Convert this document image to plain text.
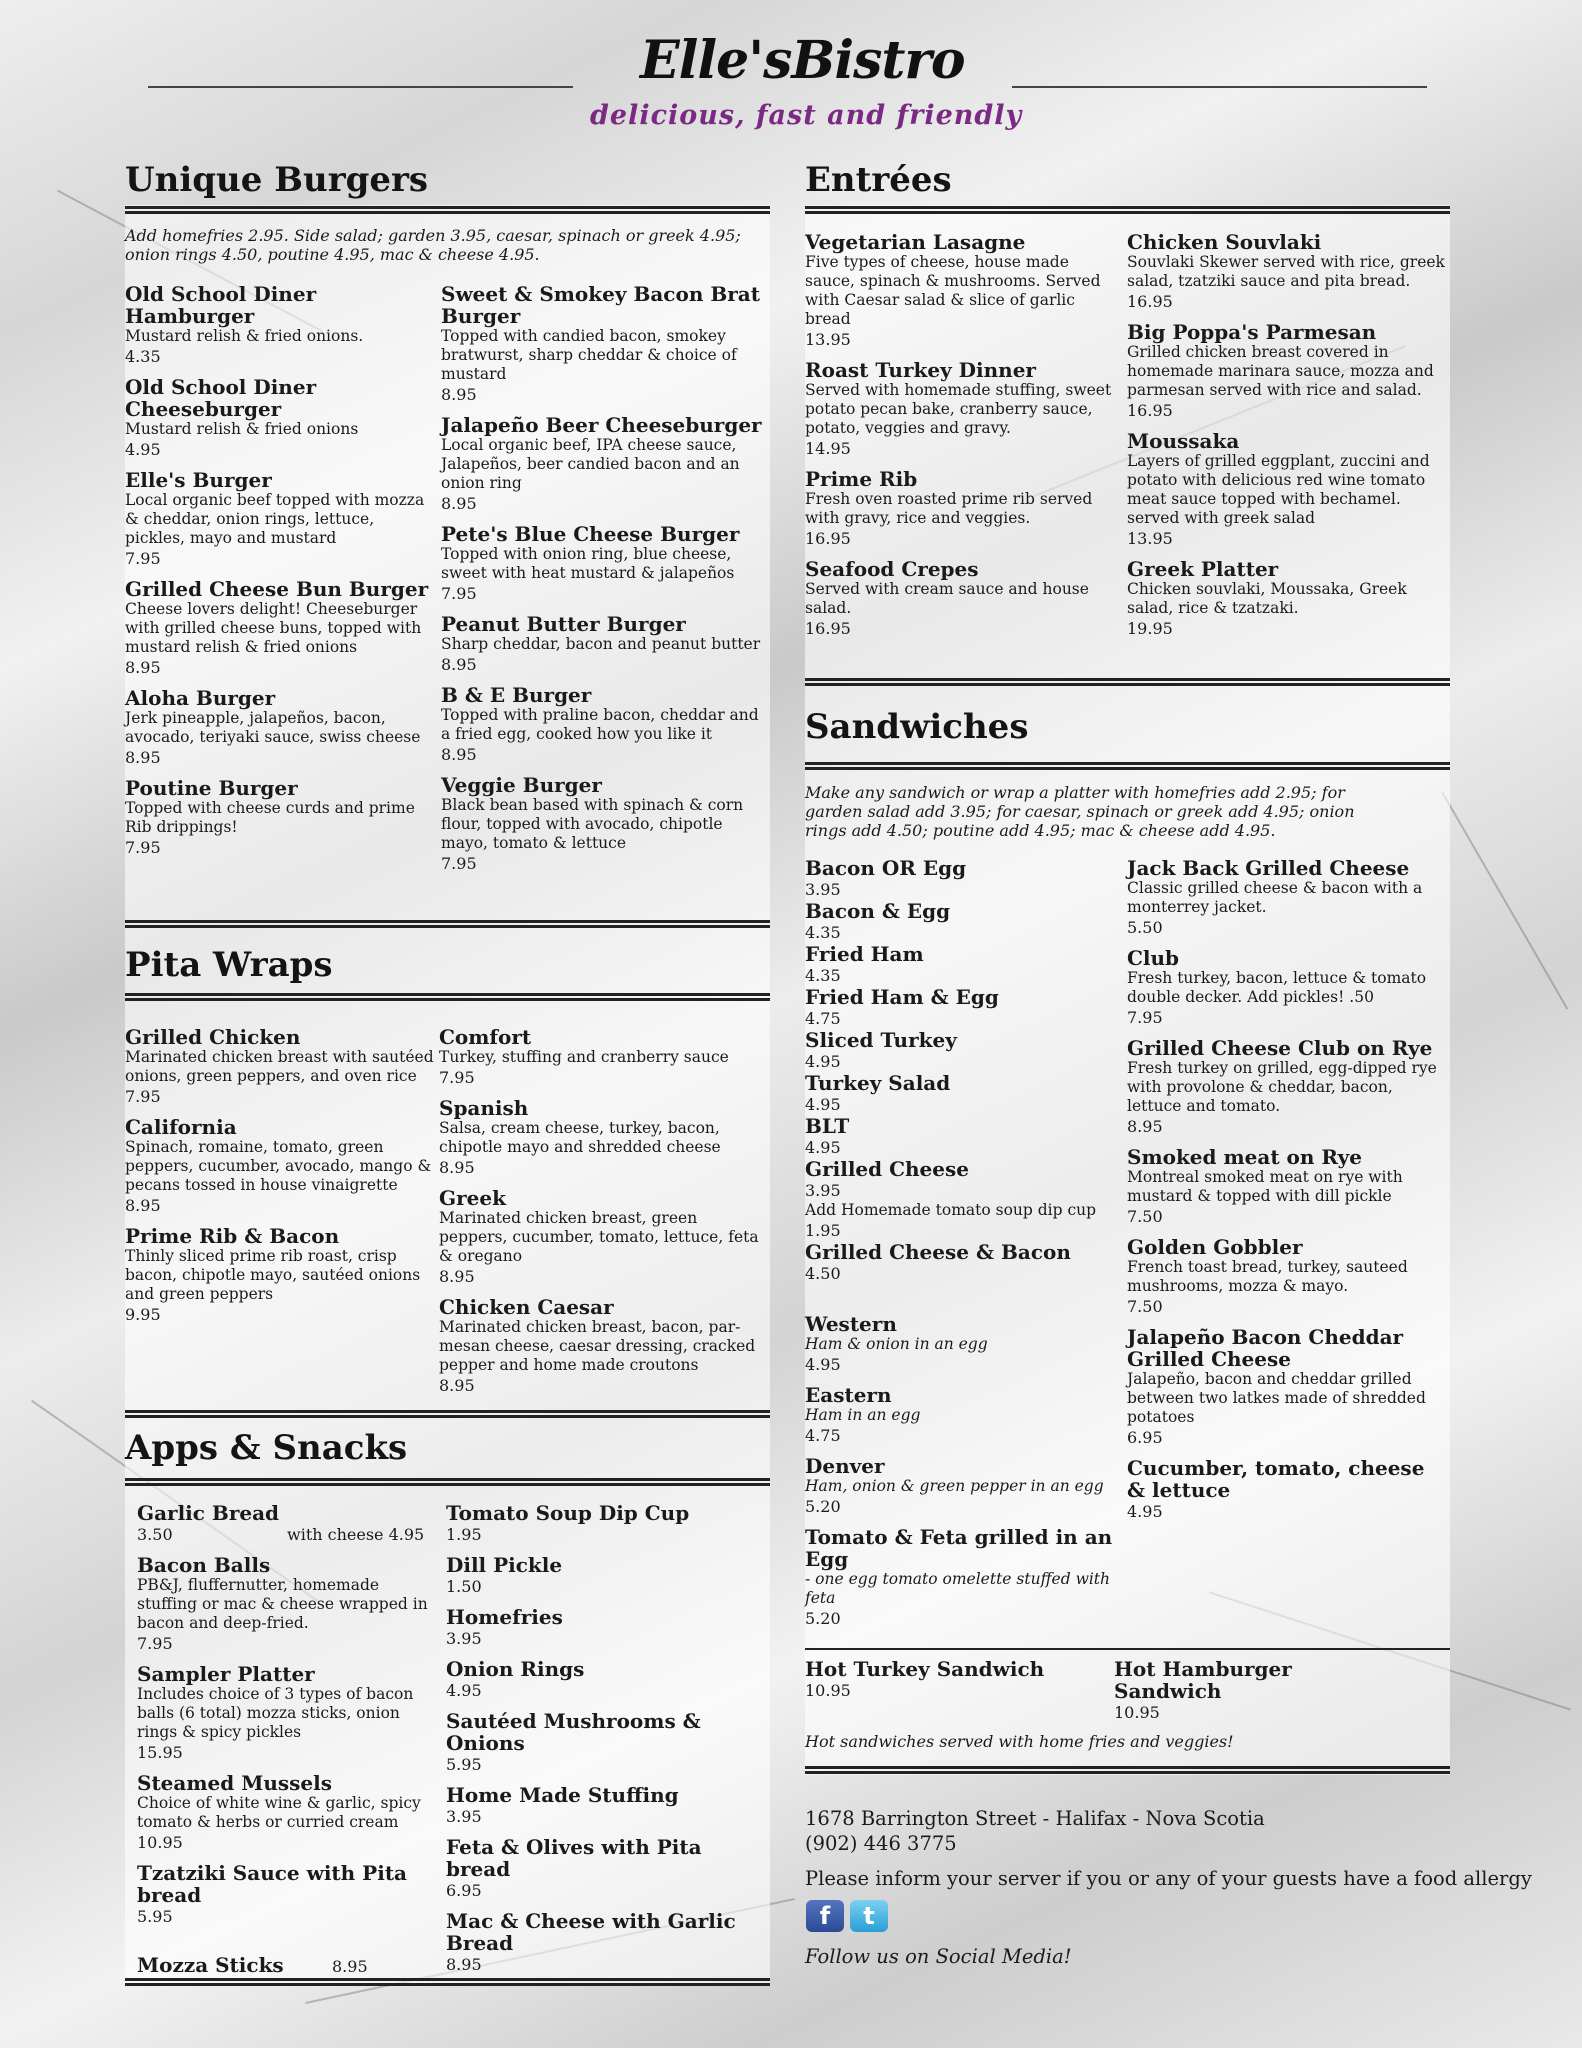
Elle'sBistro
delicious, fast and friendly
Unique Burgers
Add homefries 2.95. Side salad; garden 3.95, caesar, spinach or greek 4.95; onion rings 4.50, poutine 4.95, mac & cheese 4.95.
Old School Diner Hamburger
Mustard relish & fried onions.
4.35
Old School Diner Cheeseburger
Mustard relish & fried onions
4.95
Elle's Burger
Local organic beef topped with mozza & cheddar, onion rings, lettuce, pickles, mayo and mustard
7.95
Grilled Cheese Bun Burger
Cheese lovers delight! Cheeseburger with grilled cheese buns, topped with mustard relish & fried onions
8.95
Aloha Burger
Jerk pineapple, jalapeños, bacon, avocado, teriyaki sauce, swiss cheese
8.95
Poutine Burger
Topped with cheese curds and prime Rib drippings!
7.95
Sweet & Smokey Bacon Brat Burger
Topped with candied bacon, smokey bratwurst, sharp cheddar & choice of mustard
8.95
Jalapeño Beer Cheeseburger
Local organic beef, IPA cheese sauce, Jalapeños, beer candied bacon and an onion ring
8.95
Pete's Blue Cheese Burger
Topped with onion ring, blue cheese, sweet with heat mustard & jalapeños
7.95
Peanut Butter Burger
Sharp cheddar, bacon and peanut butter
8.95
B & E Burger
Topped with praline bacon, cheddar and a fried egg, cooked how you like it
8.95
Veggie Burger
Black bean based with spinach & corn flour, topped with avocado, chipotle mayo, tomato & lettuce
7.95
Pita Wraps
Grilled Chicken
Marinated chicken breast with sautéed onions, green peppers, and oven rice
7.95
California
Spinach, romaine, tomato, green peppers, cucumber, avocado, mango & pecans tossed in house vinaigrette
8.95
Prime Rib & Bacon
Thinly sliced prime rib roast, crisp bacon, chipotle mayo, sautéed onions and green peppers
9.95
Comfort
Turkey, stuffing and cranberry sauce
7.95
Spanish
Salsa, cream cheese, turkey, bacon, chipotle mayo and shredded cheese
8.95
Greek
Marinated chicken breast, green peppers, cucumber, tomato, lettuce, feta & oregano
8.95
Chicken Caesar
Marinated chicken breast, bacon, par-mesan cheese, caesar dressing, cracked pepper and home made croutons
8.95
Apps & Snacks
Garlic Bread
3.50	with cheese 4.95
Bacon Balls
PB&J, fluffernutter, homemade stuffing or mac & cheese wrapped in bacon and deep-fried.
7.95
Sampler Platter
Includes choice of 3 types of bacon balls (6 total) mozza sticks, onion rings & spicy pickles
15.95
Steamed Mussels
Choice of white wine & garlic, spicy tomato & herbs or curried cream
10.95
Tzatziki Sauce with Pita bread
5.95
Mozza Sticks	8.95
Tomato Soup Dip Cup
1.95
Dill Pickle
1.50
Homefries
3.95
Onion Rings
4.95
Sautéed Mushrooms & Onions
5.95
Home Made Stuffing
3.95
Feta & Olives with Pita bread
6.95
Mac & Cheese with Garlic Bread
8.95
Entrées
Vegetarian Lasagne
Five types of cheese, house made sauce, spinach & mushrooms. Served with Caesar salad & slice of garlic bread
13.95
Roast Turkey Dinner
Served with homemade stuffing, sweet potato pecan bake, cranberry sauce, potato, veggies and gravy.
14.95
Prime Rib
Fresh oven roasted prime rib served with gravy, rice and veggies.
16.95
Seafood Crepes
Served with cream sauce and house salad.
16.95
Chicken Souvlaki
Souvlaki Skewer served with rice, greek salad, tzatziki sauce and pita bread.
16.95
Big Poppa's Parmesan
Grilled chicken breast covered in homemade marinara sauce, mozza and parmesan served with rice and salad.
16.95
Moussaka
Layers of grilled eggplant, zuccini and potato with delicious red wine tomato meat sauce topped with bechamel. served with greek salad
13.95
Greek Platter
Chicken souvlaki, Moussaka, Greek salad, rice & tzatzaki.
19.95
Sandwiches
Make any sandwich or wrap a platter with homefries add 2.95; for garden salad add 3.95; for caesar, spinach or greek add 4.95; onion rings add 4.50; poutine add 4.95; mac & cheese add 4.95.
Bacon OR Egg
3.95
Bacon & Egg
4.35
Fried Ham
4.35
Fried Ham & Egg
4.75
Sliced Turkey
4.95
Turkey Salad
4.95
BLT
4.95
Grilled Cheese
3.95
Add Homemade tomato soup dip cup
1.95
Grilled Cheese & Bacon
4.50
Western
Ham & onion in an egg
4.95
Eastern
Ham in an egg
4.75
Denver
Ham, onion & green pepper in an egg
5.20
Tomato & Feta grilled in an Egg
- one egg tomato omelette stuffed with feta
5.20
Jack Back Grilled Cheese
Classic grilled cheese & bacon with a monterrey jacket.
5.50
Club
Fresh turkey, bacon, lettuce & tomato double decker. Add pickles! .50
7.95
Grilled Cheese Club on Rye
Fresh turkey on grilled, egg-dipped rye with provolone & cheddar, bacon, lettuce and tomato.
8.95
Smoked meat on Rye
Montreal smoked meat on rye with mustard & topped with dill pickle
7.50
Golden Gobbler
French toast bread, turkey, sauteed mushrooms, mozza & mayo.
7.50
Jalapeño Bacon Cheddar Grilled Cheese
Jalapeño, bacon and cheddar grilled between two latkes made of shredded potatoes
6.95
Cucumber, tomato, cheese & lettuce
4.95
Hot Turkey Sandwich
10.95
Hot Hamburger Sandwich
10.95
Hot sandwiches served with home fries and veggies!
1678 Barrington Street - Halifax - Nova Scotia
(902) 446 3775
Please inform your server if you or any of your guests have a food allergy
f	t
Follow us on Social Media!
